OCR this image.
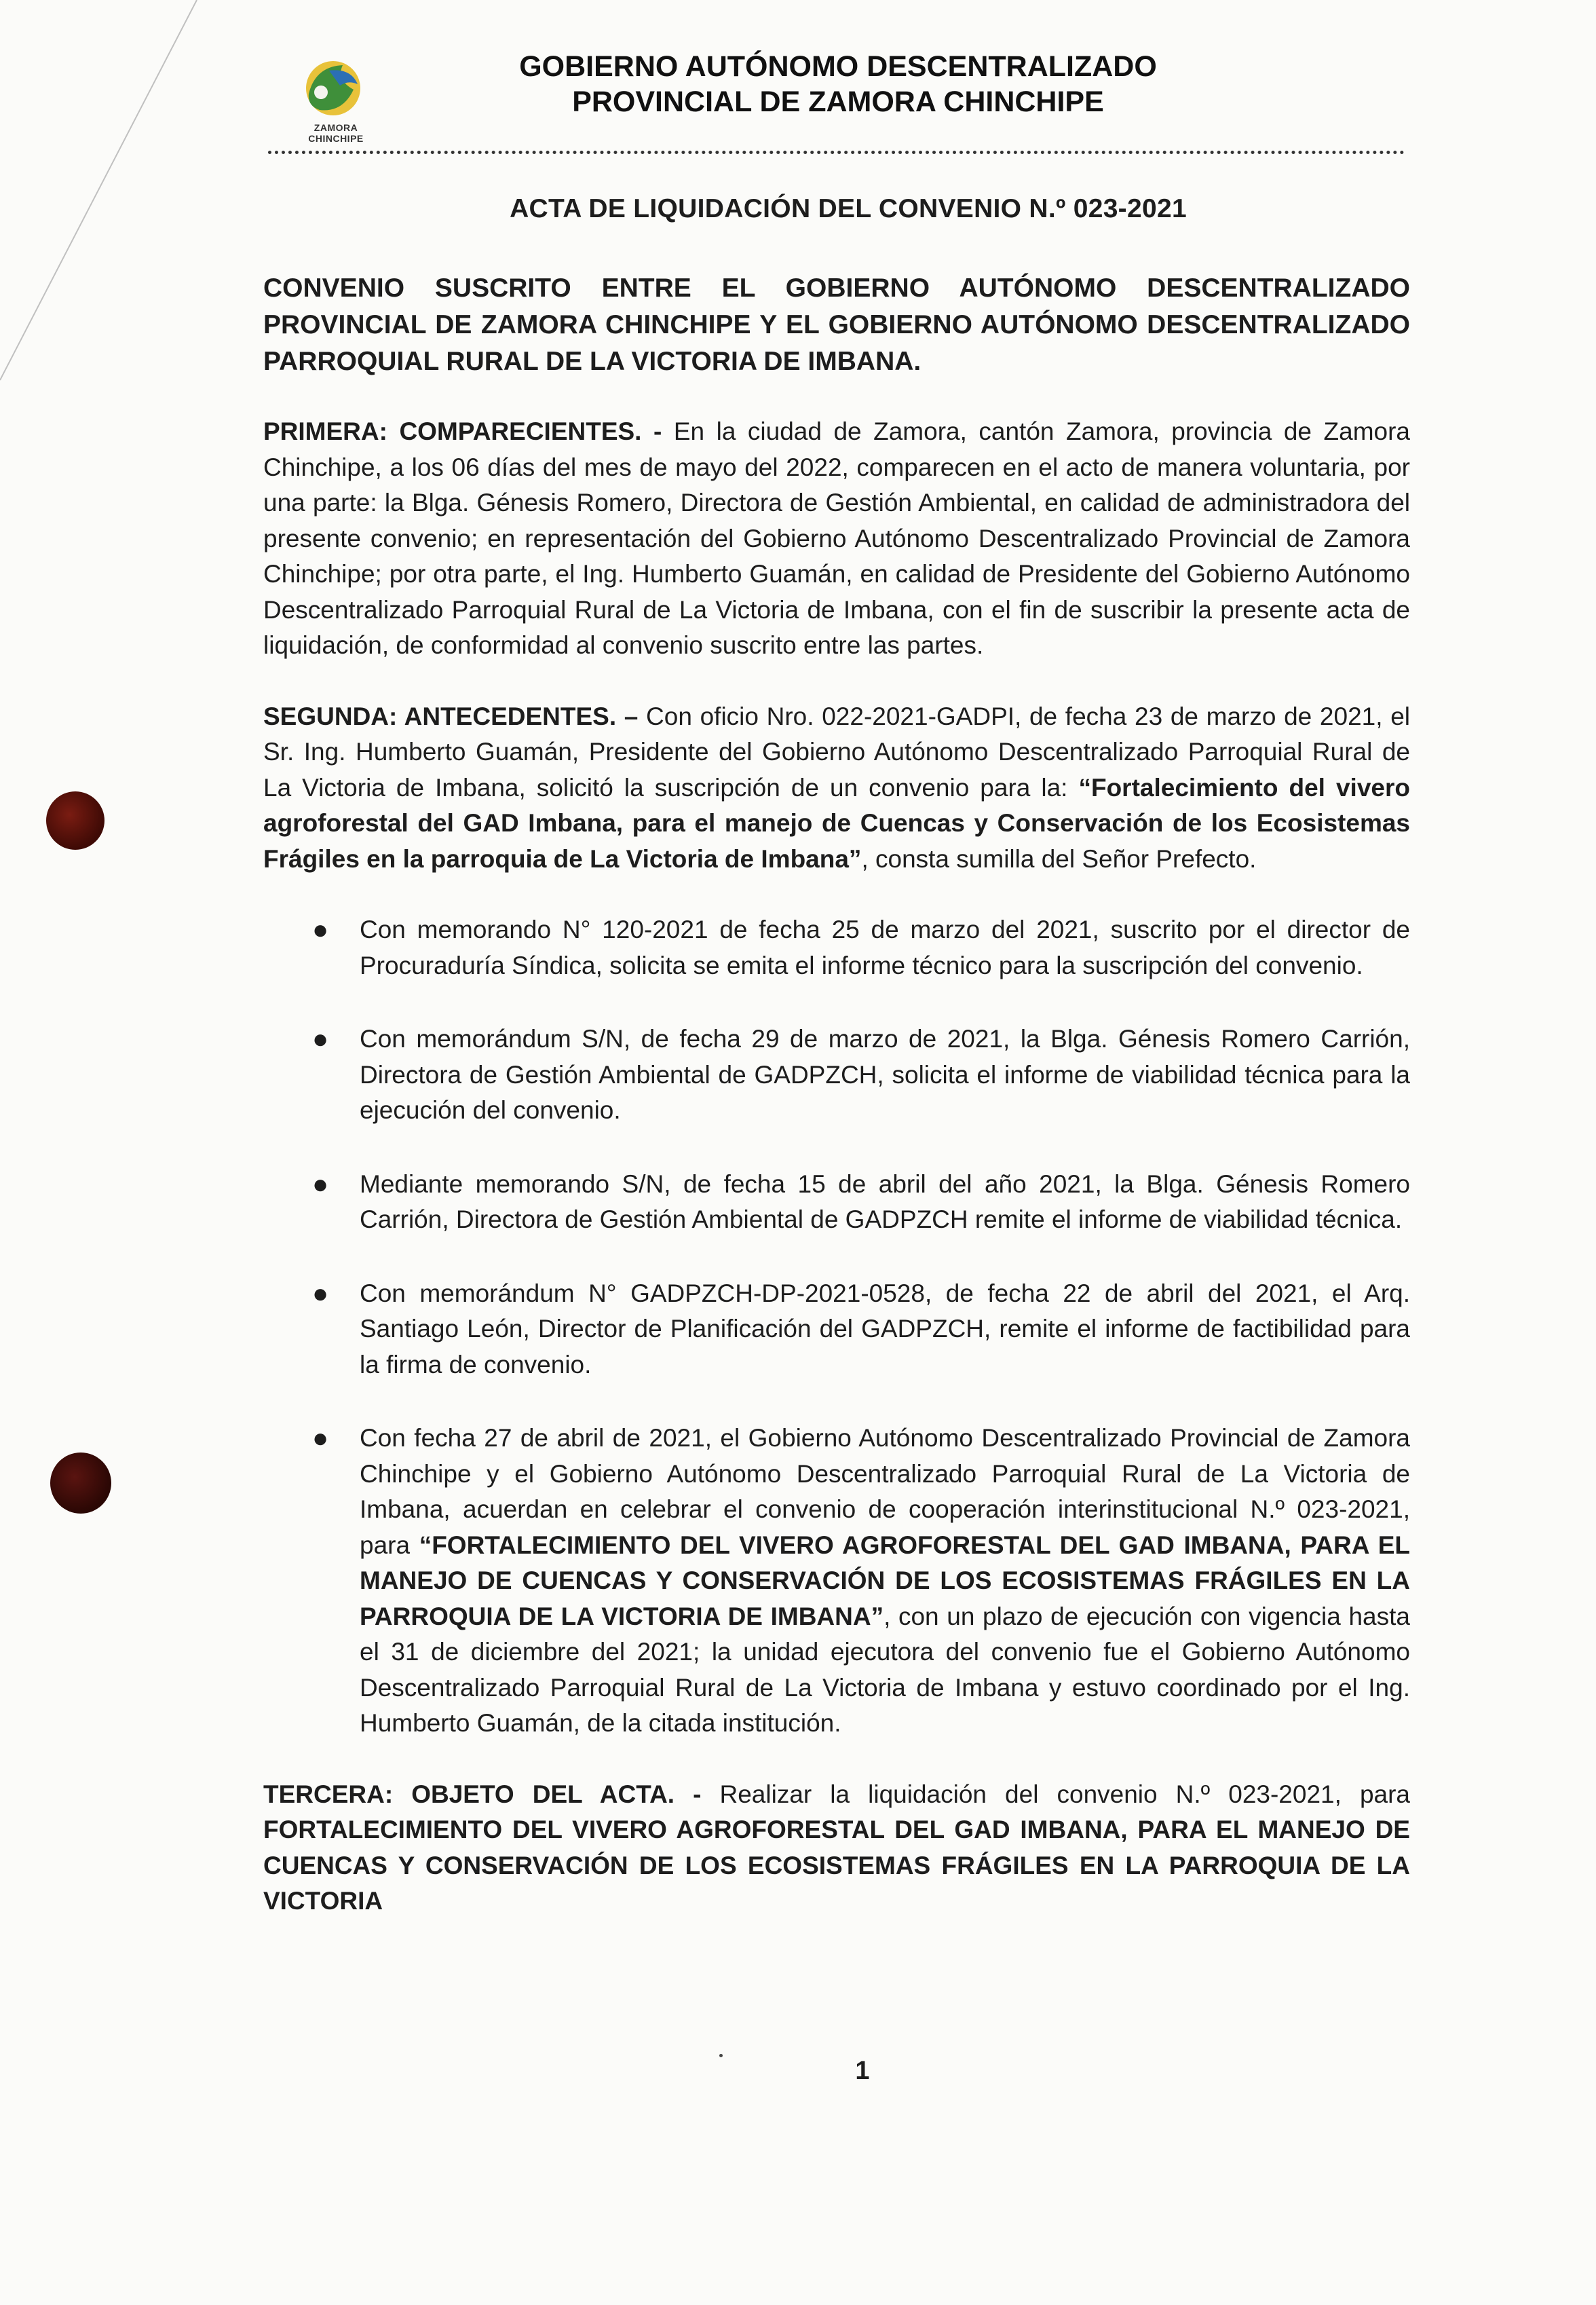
ZAMORA CHINCHIPE
GOBIERNO AUTÓNOMO DESCENTRALIZADO
PROVINCIAL DE ZAMORA CHINCHIPE
ACTA DE LIQUIDACIÓN DEL CONVENIO N.º 023-2021

CONVENIO SUSCRITO ENTRE EL GOBIERNO AUTÓNOMO DESCENTRALIZADO PROVINCIAL DE ZAMORA CHINCHIPE Y EL GOBIERNO AUTÓNOMO DESCENTRALIZADO PARROQUIAL RURAL DE LA VICTORIA DE IMBANA.

PRIMERA: COMPARECIENTES. - En la ciudad de Zamora, cantón Zamora, provincia de Zamora Chinchipe, a los 06 días del mes de mayo del 2022, comparecen en el acto de manera voluntaria, por una parte: la Blga. Génesis Romero, Directora de Gestión Ambiental, en calidad de administradora del presente convenio; en representación del Gobierno Autónomo Descentralizado Provincial de Zamora Chinchipe; por otra parte, el Ing. Humberto Guamán, en calidad de Presidente del Gobierno Autónomo Descentralizado Parroquial Rural de La Victoria de Imbana, con el fin de suscribir la presente acta de liquidación, de conformidad al convenio suscrito entre las partes.

SEGUNDA: ANTECEDENTES. – Con oficio Nro. 022-2021-GADPI, de fecha 23 de marzo de 2021, el Sr. Ing. Humberto Guamán, Presidente del Gobierno Autónomo Descentralizado Parroquial Rural de La Victoria de Imbana, solicitó la suscripción de un convenio para la: “Fortalecimiento del vivero agroforestal del GAD Imbana, para el manejo de Cuencas y Conservación de los Ecosistemas Frágiles en la parroquia de La Victoria de Imbana”, consta sumilla del Señor Prefecto.

● Con memorando N° 120-2021 de fecha 25 de marzo del 2021, suscrito por el director de Procuraduría Síndica, solicita se emita el informe técnico para la suscripción del convenio.
● Con memorándum S/N, de fecha 29 de marzo de 2021, la Blga. Génesis Romero Carrión, Directora de Gestión Ambiental de GADPZCH, solicita el informe de viabilidad técnica para la ejecución del convenio.
● Mediante memorando S/N, de fecha 15 de abril del año 2021, la Blga. Génesis Romero Carrión, Directora de Gestión Ambiental de GADPZCH remite el informe de viabilidad técnica.
● Con memorándum N° GADPZCH-DP-2021-0528, de fecha 22 de abril del 2021, el Arq. Santiago León, Director de Planificación del GADPZCH, remite el informe de factibilidad para la firma de convenio.
● Con fecha 27 de abril de 2021, el Gobierno Autónomo Descentralizado Provincial de Zamora Chinchipe y el Gobierno Autónomo Descentralizado Parroquial Rural de La Victoria de Imbana, acuerdan en celebrar el convenio de cooperación interinstitucional N.º 023-2021, para “FORTALECIMIENTO DEL VIVERO AGROFORESTAL DEL GAD IMBANA, PARA EL MANEJO DE CUENCAS Y CONSERVACIÓN DE LOS ECOSISTEMAS FRÁGILES EN LA PARROQUIA DE LA VICTORIA DE IMBANA”, con un plazo de ejecución con vigencia hasta el 31 de diciembre del 2021; la unidad ejecutora del convenio fue el Gobierno Autónomo Descentralizado Parroquial Rural de La Victoria de Imbana y estuvo coordinado por el Ing. Humberto Guamán, de la citada institución.

TERCERA: OBJETO DEL ACTA. - Realizar la liquidación del convenio N.º 023-2021, para FORTALECIMIENTO DEL VIVERO AGROFORESTAL DEL GAD IMBANA, PARA EL MANEJO DE CUENCAS Y CONSERVACIÓN DE LOS ECOSISTEMAS FRÁGILES EN LA PARROQUIA DE LA VICTORIA

1
